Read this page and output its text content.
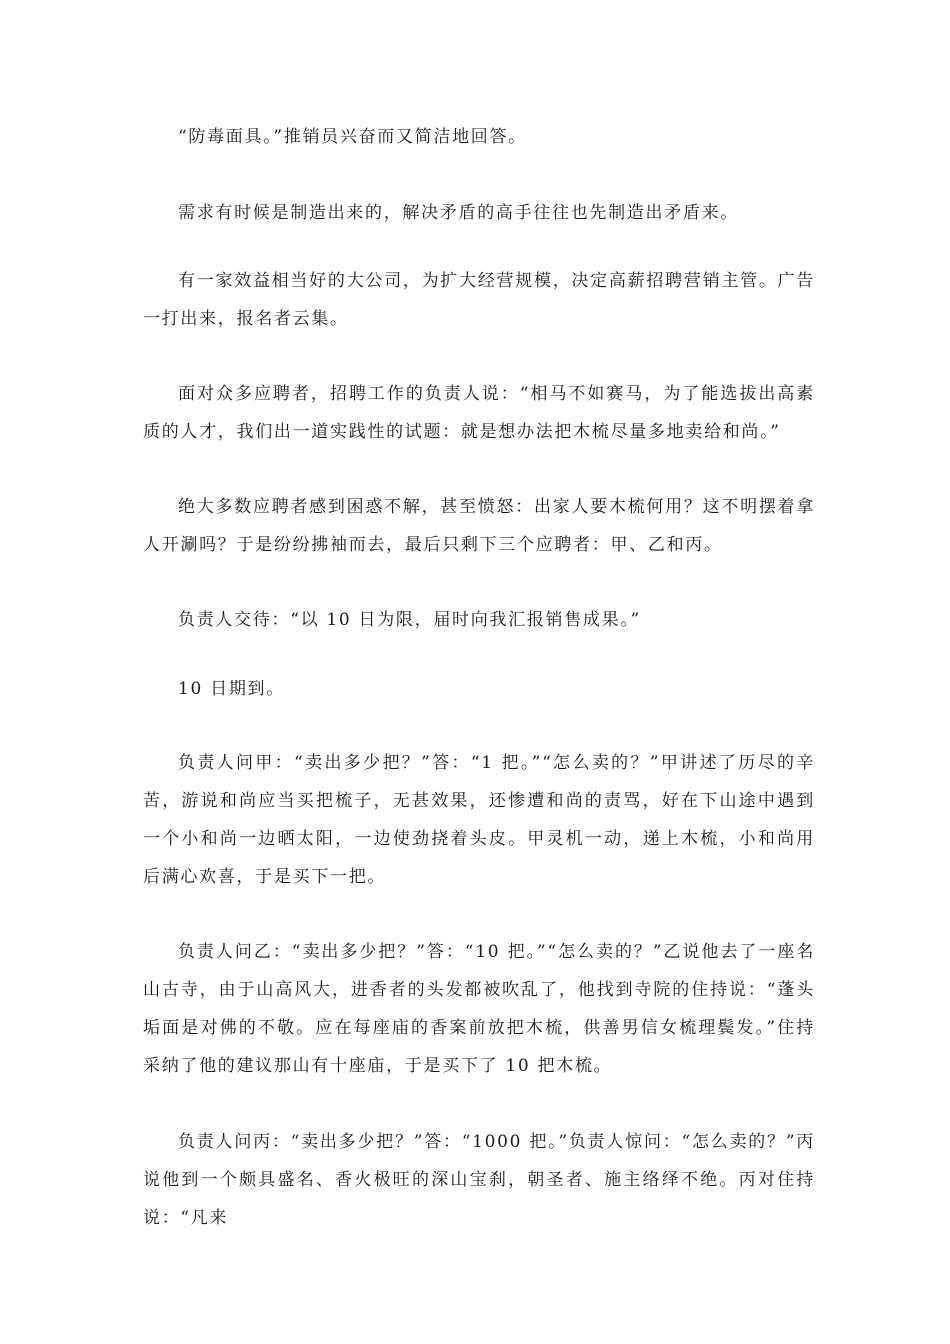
“防毒面具。”推销员兴奋而又简洁地回答。

需求有时候是制造出来的，解决矛盾的高手往往也先制造出矛盾来。

有一家效益相当好的大公司，为扩大经营规模，决定高薪招聘营销主管。广告一打出来，报名者云集。

面对众多应聘者，招聘工作的负责人说：“相马不如赛马，为了能选拔出高素质的人才，我们出一道实践性的试题：就是想办法把木梳尽量多地卖给和尚。”

绝大多数应聘者感到困惑不解，甚至愤怒：出家人要木梳何用？这不明摆着拿人开涮吗？于是纷纷拂袖而去，最后只剩下三个应聘者：甲、乙和丙。

负责人交待：“以 10 日为限，届时向我汇报销售成果。”

10 日期到。

负责人问甲：“卖出多少把？”答：“1 把。”“怎么卖的？”甲讲述了历尽的辛苦，游说和尚应当买把梳子，无甚效果，还惨遭和尚的责骂，好在下山途中遇到一个小和尚一边晒太阳，一边使劲挠着头皮。甲灵机一动，递上木梳，小和尚用后满心欢喜，于是买下一把。

负责人问乙：“卖出多少把？”答：“10 把。”“怎么卖的？”乙说他去了一座名山古寺，由于山高风大，进香者的头发都被吹乱了，他找到寺院的住持说：“蓬头垢面是对佛的不敬。应在每座庙的香案前放把木梳，供善男信女梳理鬓发。”住持采纳了他的建议那山有十座庙，于是买下了 10 把木梳。

负责人问丙：“卖出多少把？”答：“1000 把。”负责人惊问：“怎么卖的？”丙说他到一个颇具盛名、香火极旺的深山宝刹，朝圣者、施主络绎不绝。丙对住持说：“凡来
